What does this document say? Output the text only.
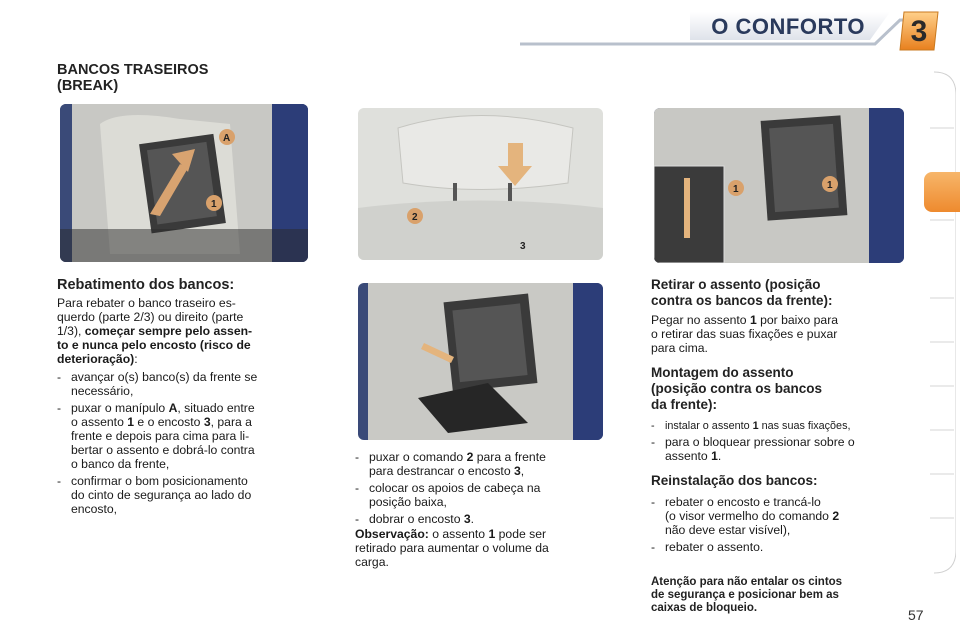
O CONFORTO	3
BANCOS TRASEIROS
(BREAK)
A
1
Rebatimento dos bancos:
Para rebater o banco traseiro es-
querdo (parte 2/3) ou direito (parte
1/3), começar sempre pelo assen-
to e nunca pelo encosto (risco de
deterioração):
- avançar o(s) banco(s) da frente se
necessário,
- puxar o manípulo A, situado entre
o assento 1 e o encosto 3, para a
frente e depois para cima para li-
bertar o assento e dobrá-lo contra
o banco da frente,
- confirmar o bom posicionamento
do cinto de segurança ao lado do
encosto,
2
3
- puxar o comando 2 para a frente
para destrancar o encosto 3,
- colocar os apoios de cabeça na
posição baixa,
- dobrar o encosto 3.
Observação: o assento 1 pode ser
retirado para aumentar o volume da
carga.
1	1
Retirar o assento (posição
contra os bancos da frente):
Pegar no assento 1 por baixo para
o retirar das suas fixações e puxar
para cima.
Montagem do assento
(posição contra os bancos
da frente):
- instalar o assento 1 nas suas fixações,
- para o bloquear pressionar sobre o
assento 1.
Reinstalação dos bancos:
- rebater o encosto e trancá-lo
(o visor vermelho do comando 2
não deve estar visível),
- rebater o assento.
Atenção para não entalar os cintos
de segurança e posicionar bem as
caixas de bloqueio.	57
